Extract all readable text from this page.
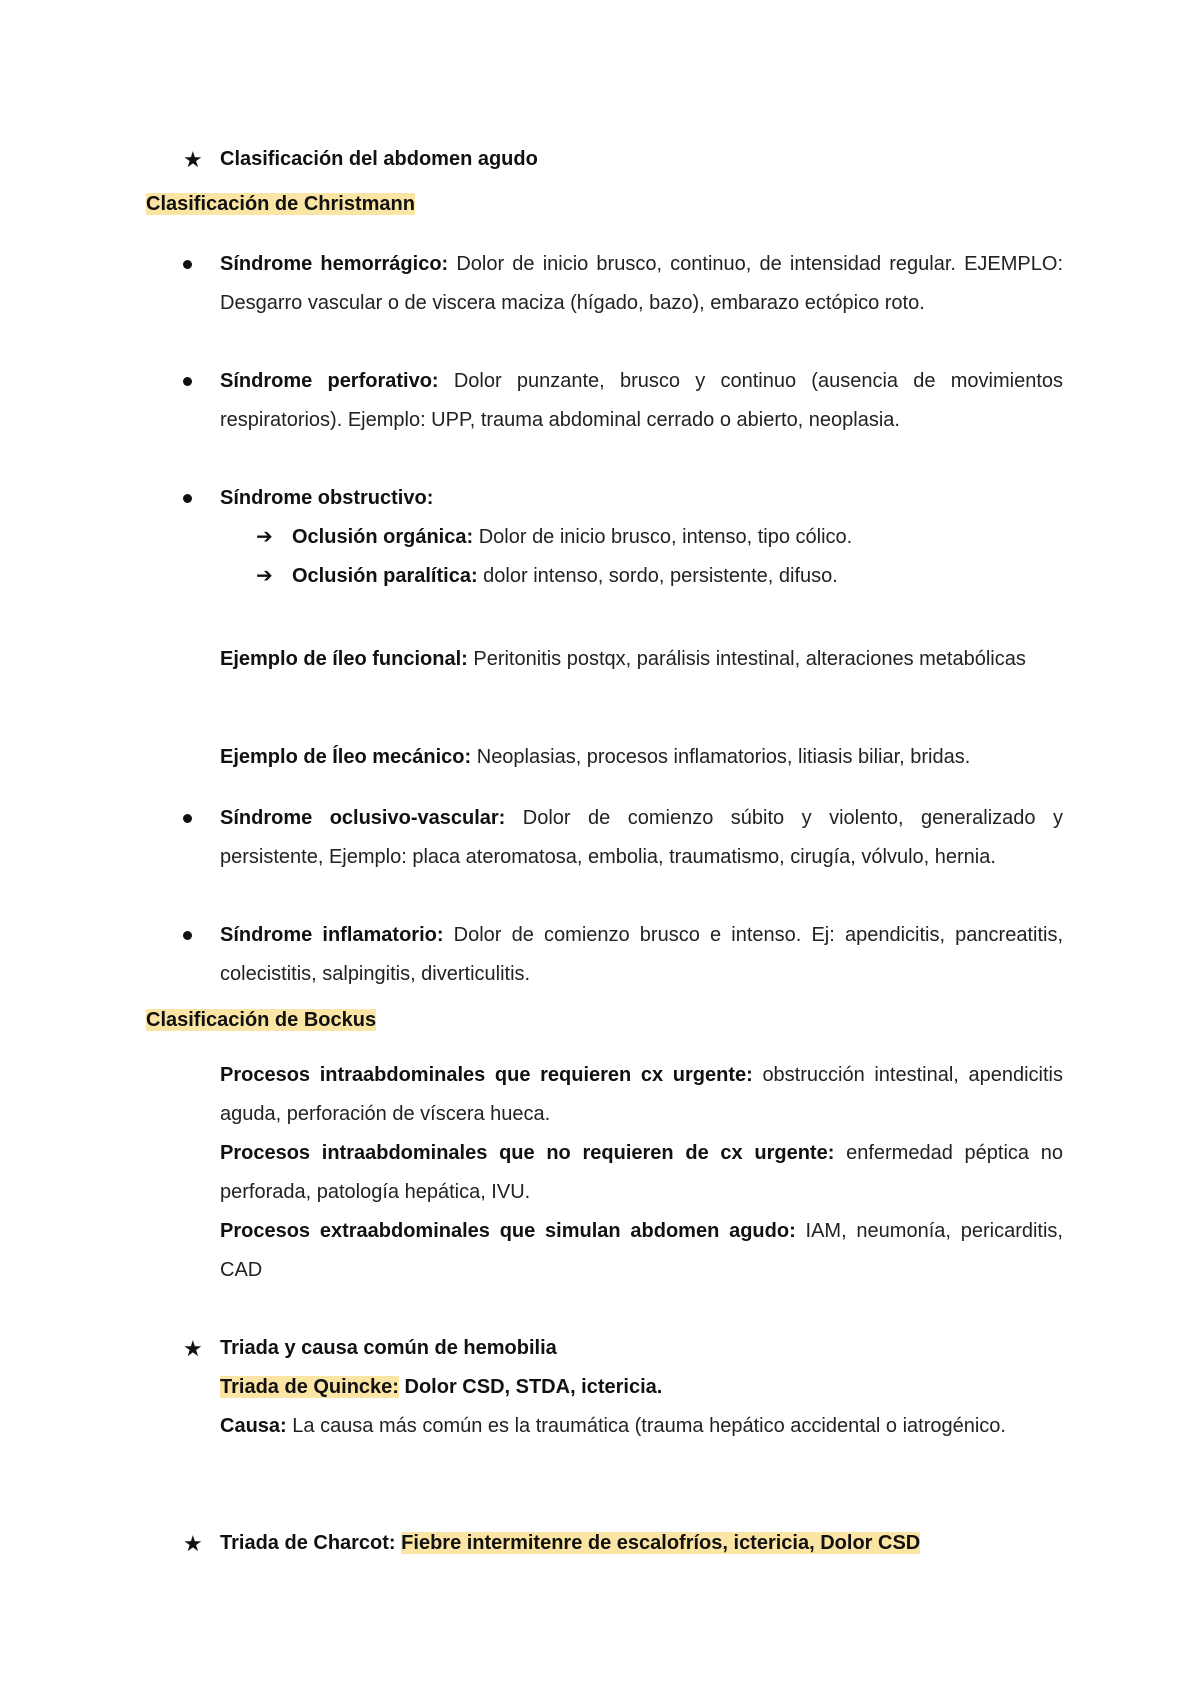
★ Clasificación del abdomen agudo
Clasificación de Christmann
Síndrome hemorrágico: Dolor de inicio brusco, continuo, de intensidad regular. EJEMPLO: Desgarro vascular o de viscera maciza (hígado, bazo), embarazo ectópico roto.
Síndrome perforativo: Dolor punzante, brusco y continuo (ausencia de movimientos respiratorios). Ejemplo: UPP, trauma abdominal cerrado o abierto, neoplasia.
Síndrome obstructivo:
➔ Oclusión orgánica: Dolor de inicio brusco, intenso, tipo cólico.
➔ Oclusión paralítica: dolor intenso, sordo, persistente, difuso.
Ejemplo de íleo funcional: Peritonitis postqx, parálisis intestinal, alteraciones metabólicas
Ejemplo de Íleo mecánico: Neoplasias, procesos inflamatorios, litiasis biliar, bridas.
Síndrome oclusivo-vascular: Dolor de comienzo súbito y violento, generalizado y persistente, Ejemplo: placa ateromatosa, embolia, traumatismo, cirugía, vólvulo, hernia.
Síndrome inflamatorio: Dolor de comienzo brusco e intenso. Ej: apendicitis, pancreatitis, colecistitis, salpingitis, diverticulitis.
Clasificación de Bockus
Procesos intraabdominales que requieren cx urgente: obstrucción intestinal, apendicitis aguda, perforación de víscera hueca.
Procesos intraabdominales que no requieren de cx urgente: enfermedad péptica no perforada, patología hepática, IVU.
Procesos extraabdominales que simulan abdomen agudo: IAM, neumonía, pericarditis, CAD
★ Triada y causa común de hemobilia
Triada de Quincke: Dolor CSD, STDA, ictericia.
Causa: La causa más común es la traumática (trauma hepático accidental o iatrogénico.
★ Triada de Charcot: Fiebre intermitenre de escalofríos, ictericia, Dolor CSD
